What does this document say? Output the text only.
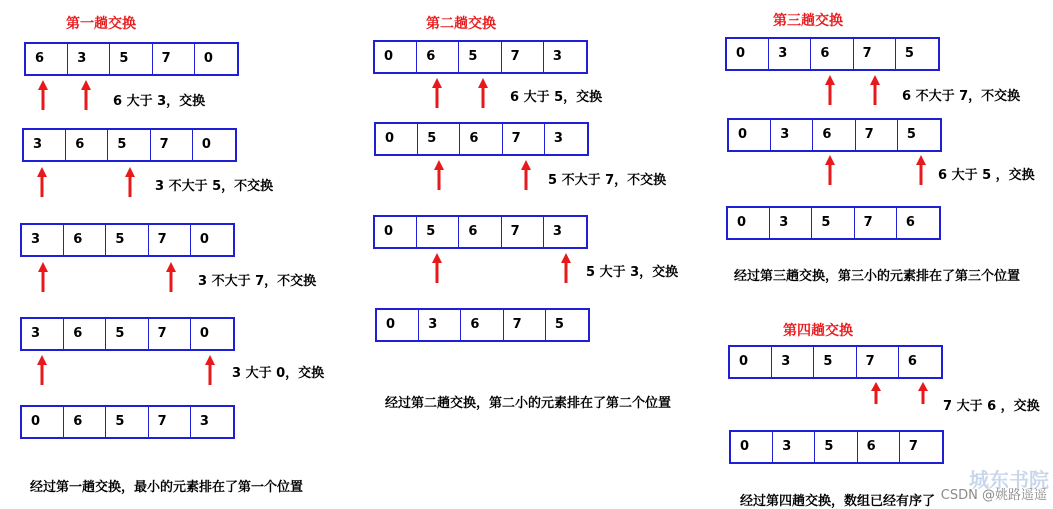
第一趟交换
6	3	5	7	0
6 大于 3，交换
3	6	5	7	0
3 不大于 5，不交换
3	6	5	7	0
3 不大于 7，不交换
3	6	5	7	0
3 大于 0，交换
0	6	5	7	3
经过第一趟交换，最小的元素排在了第一个位置
第二趟交换
0	6	5	7	3
6 大于 5，交换
0	5	6	7	3
5 不大于 7，不交换
0	5	6	7	3
5 大于 3，交换
0	3	6	7	5
经过第二趟交换，第二小的元素排在了第二个位置
第三趟交换
0	3	6	7	5
6 不大于 7，不交换
0	3	6	7	5
6 大于 5 ，交换
0	3	5	7	6
经过第三趟交换，第三小的元素排在了第三个位置
第四趟交换
0	3	5	7	6
7 大于 6 ，交换
0	3	5	6	7
经过第四趟交换，数组已经有序了
城东书院
CSDN @姚路遥遥
